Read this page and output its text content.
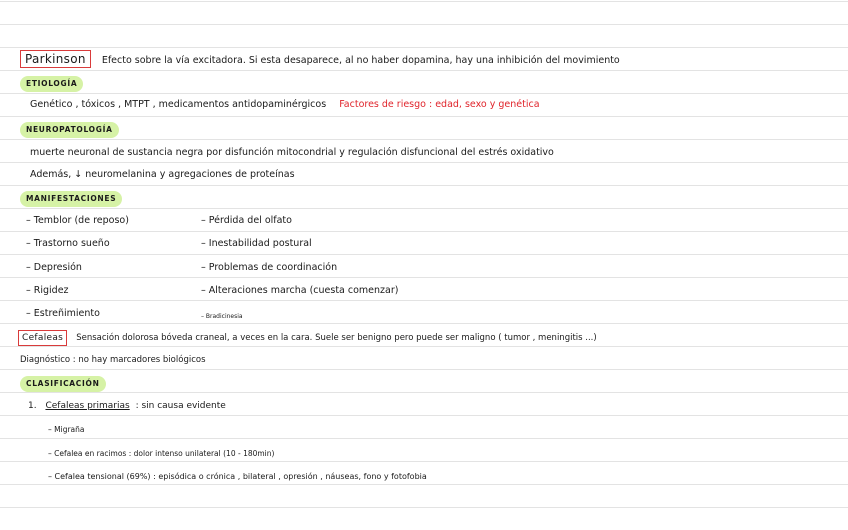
Parkinson Efecto sobre la vía excitadora. Si esta desaparece, al no haber dopamina, hay una inhibición del movimiento
ETIOLOGÍA
Genético , tóxicos , MTPT , medicamentos antidopaminérgicos Factores de riesgo : edad, sexo y genética
NEUROPATOLOGÍA
muerte neuronal de sustancia negra por disfunción mitocondrial y regulación disfuncional del estrés oxidativo
Además, ↓ neuromelanina y agregaciones de proteínas
MANIFESTACIONES
– Temblor (de reposo)	– Pérdida del olfato
– Trastorno sueño	– Inestabilidad postural
– Depresión	– Problemas de coordinación
– Rigidez	– Alteraciones marcha (cuesta comenzar)
– Estreñimiento	– Bradicinesia
Cefaleas Sensación dolorosa bóveda craneal, a veces en la cara. Suele ser benigno pero puede ser maligno ( tumor , meningitis ...)
Diagnóstico : no hay marcadores biológicos
CLASIFICACIÓN
1. Cefaleas primarias : sin causa evidente
– Migraña
– Cefalea en racimos : dolor intenso unilateral (10 - 180min)
– Cefalea tensional (69%) : episódica o crónica , bilateral , opresión , náuseas, fono y fotofobia
